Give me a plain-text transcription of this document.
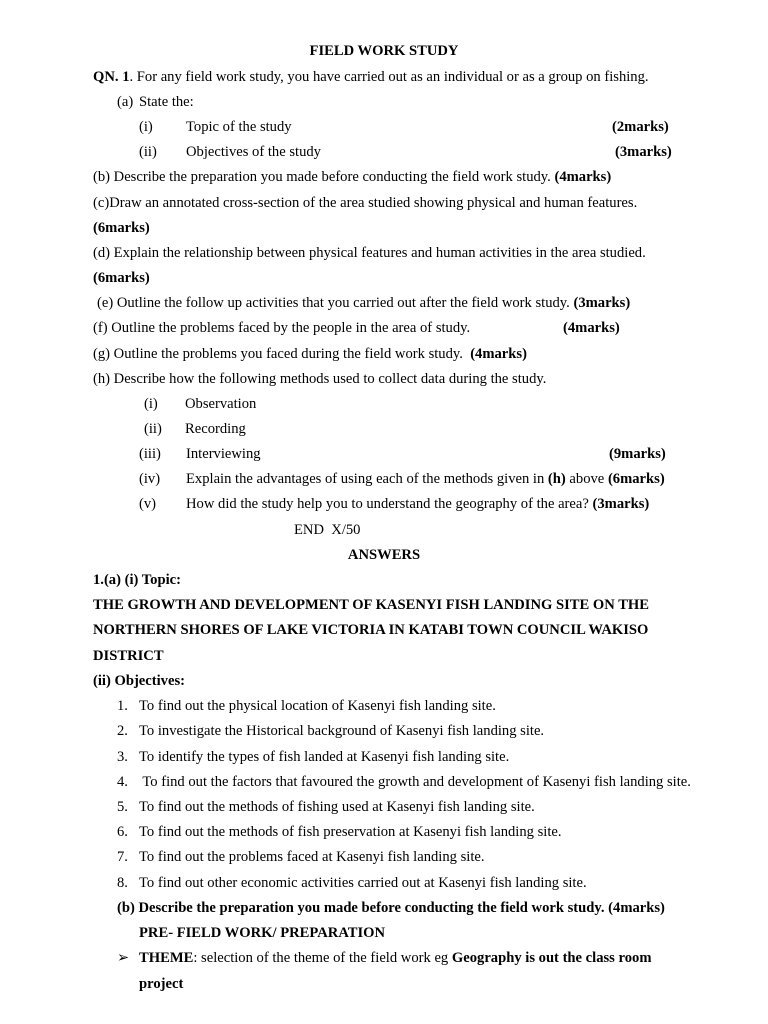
FIELD WORK STUDY
QN. 1. For any field work study, you have carried out as an individual or as a group on fishing.
(a) State the:
(i) Topic of the study	(2marks)
(ii) Objectives of the study	(3marks)
(b) Describe the preparation you made before conducting the field work study. (4marks)
(c)Draw an annotated cross-section of the area studied showing physical and human features.
(6marks)
(d) Explain the relationship between physical features and human activities in the area studied.
(6marks)
(e) Outline the follow up activities that you carried out after the field work study. (3marks)
(f) Outline the problems faced by the people in the area of study.	(4marks)
(g) Outline the problems you faced during the field work study. (4marks)
(h) Describe how the following methods used to collect data during the study.
(i) Observation
(ii) Recording
(iii) Interviewing	(9marks)
(iv) Explain the advantages of using each of the methods given in (h) above (6marks)
(v) How did the study help you to understand the geography of the area? (3marks)
END  X/50
ANSWERS
1.(a) (i) Topic:
THE GROWTH AND DEVELOPMENT OF KASENYI FISH LANDING SITE ON THE
NORTHERN SHORES OF LAKE VICTORIA IN KATABI TOWN COUNCIL WAKISO
DISTRICT
(ii) Objectives:
1. To find out the physical location of Kasenyi fish landing site.
2. To investigate the Historical background of Kasenyi fish landing site.
3. To identify the types of fish landed at Kasenyi fish landing site.
4. To find out the factors that favoured the growth and development of Kasenyi fish landing site.
5. To find out the methods of fishing used at Kasenyi fish landing site.
6. To find out the methods of fish preservation at Kasenyi fish landing site.
7. To find out the problems faced at Kasenyi fish landing site.
8. To find out other economic activities carried out at Kasenyi fish landing site.
(b) Describe the preparation you made before conducting the field work study. (4marks)
PRE- FIELD WORK/ PREPARATION
➢ THEME: selection of the theme of the field work eg Geography is out the class room
project
